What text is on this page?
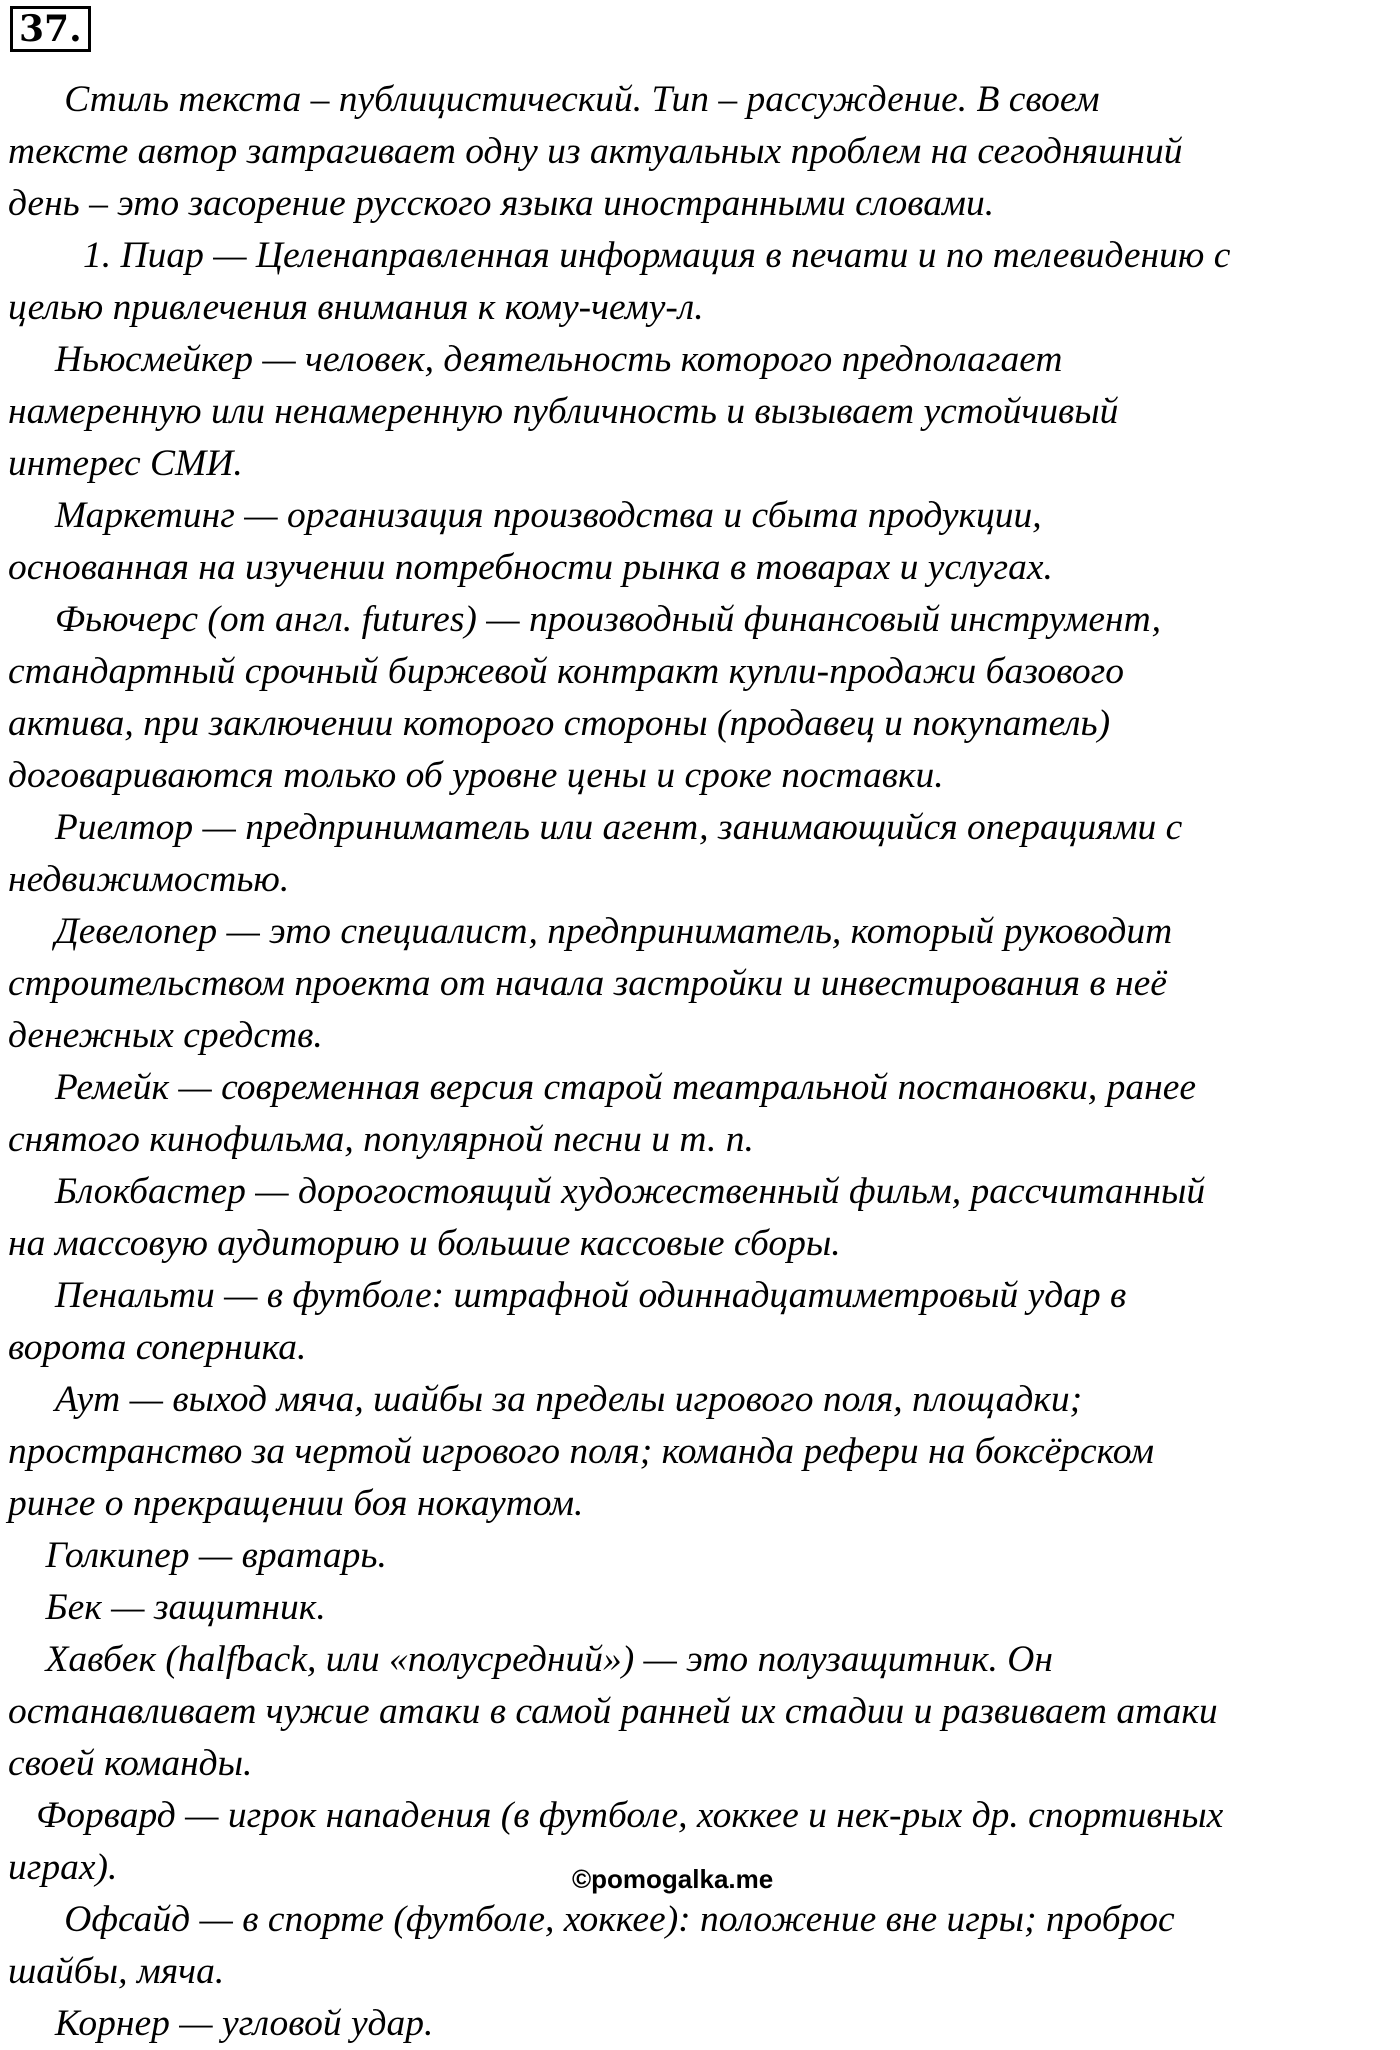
37.
Стиль текста – публицистический. Тип – рассуждение. В своем
тексте автор затрагивает одну из актуальных проблем на сегодняшний
день – это засорение русского языка иностранными словами.
1. Пиар — Целенаправленная информация в печати и по телевидению с
целью привлечения внимания к кому-чему-л.
Ньюсмейкер — человек, деятельность которого предполагает
намеренную или ненамеренную публичность и вызывает устойчивый
интерес СМИ.
Маркетинг — организация производства и сбыта продукции,
основанная на изучении потребности рынка в товарах и услугах.
Фьючерс (от англ. futures) — производный финансовый инструмент,
стандартный срочный биржевой контракт купли-продажи базового
актива, при заключении которого стороны (продавец и покупатель)
договариваются только об уровне цены и сроке поставки.
Риелтор — предприниматель или агент, занимающийся операциями с
недвижимостью.
Девелопер — это специалист, предприниматель, который руководит
строительством проекта от начала застройки и инвестирования в неё
денежных средств.
Ремейк — современная версия старой театральной постановки, ранее
снятого кинофильма, популярной песни и т. п.
Блокбастер — дорогостоящий художественный фильм, рассчитанный
на массовую аудиторию и большие кассовые сборы.
Пенальти — в футболе: штрафной одиннадцатиметровый удар в
ворота соперника.
Аут — выход мяча, шайбы за пределы игрового поля, площадки;
пространство за чертой игрового поля; команда рефери на боксёрском
ринге о прекращении боя нокаутом.
Голкипер — вратарь.
Бек — защитник.
Хавбек (halfback, или «полусредний») — это полузащитник. Он
останавливает чужие атаки в самой ранней их стадии и развивает атаки
своей команды.
Форвард — игрок нападения (в футболе, хоккее и нек-рых др. спортивных
играх).
Офсайд — в спорте (футболе, хоккее): положение вне игры; проброс
шайбы, мяча.
Корнер — угловой удар.
©pomogalka.me
